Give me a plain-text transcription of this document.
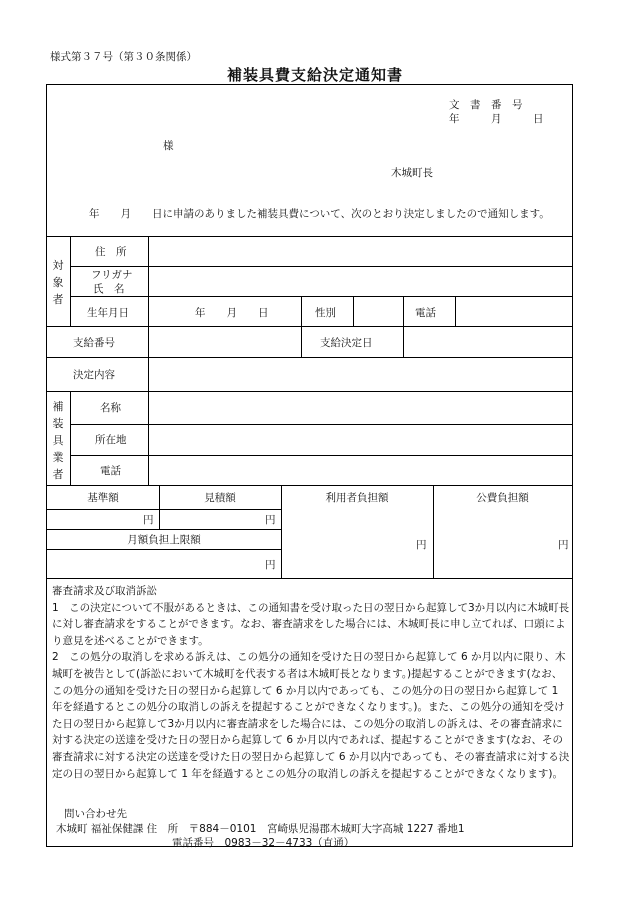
様式第３７号（第３０条関係）
補装具費支給決定通知書
文　書　番　号
年　　　月　　　日
様
木城町長
年　　月　　日に申請のありました補装具費について、次のとおり決定しましたので通知します。
対
象
者
住　所
フリガナ
氏　名
生年月日	年　　月　　日	性別	電話
支給番号	支給決定日
決定内容
補
装
具
業
者
名称
所在地
電話
基準額	見積額	利用者負担額	公費負担額
円	円
月額負担上限額
円
円	円

審査請求及び取消訴訟

1　この決定について不服があるときは、この通知書を受け取った日の翌日から起算して3か月以内に木城町長に対し審査請求をすることができます。なお、審査請求をした場合には、木城町長に申し立てれば、口頭により意見を述べることができます。

2　この処分の取消しを求める訴えは、この処分の通知を受けた日の翌日から起算して 6 か月以内に限り、木城町を被告として(訴訟において木城町を代表する者は木城町長となります。)提起することができます(なお、この処分の通知を受けた日の翌日から起算して 6 か月以内であっても、この処分の日の翌日から起算して 1 年を経過するとこの処分の取消しの訴えを提起することができなくなります。)。また、この処分の通知を受けた日の翌日から起算して3か月以内に審査請求をした場合には、この処分の取消しの訴えは、その審査請求に対する決定の送達を受けた日の翌日から起算して 6 か月以内であれば、提起することができます(なお、その審査請求に対する決定の送達を受けた日の翌日から起算して 6 か月以内であっても、その審査請求に対する決定の日の翌日から起算して 1 年を経過するとこの処分の取消しの訴えを提起することができなくなります)。

問い合わせ先
木城町 福祉保健課 住　所　〒884－0101　宮崎県児湯郡木城町大字高城 1227 番地1
電話番号　0983－32－4733（直通）
